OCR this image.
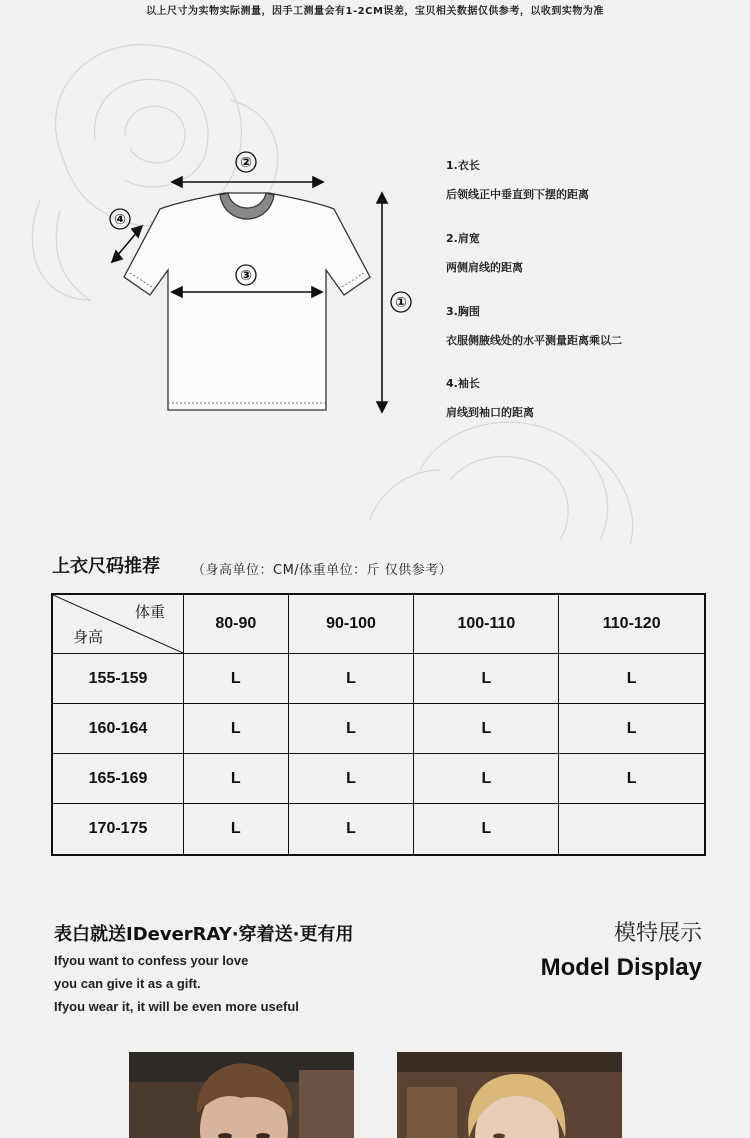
以上尺寸为实物实际测量，因手工测量会有1-2CM误差，宝贝相关数据仅供参考，以收到实物为准
②
③
①
④
1.衣长
后领线正中垂直到下摆的距离
2.肩宽
两侧肩线的距离
3.胸围
衣服侧腋线处的水平测量距离乘以二
4.袖长
肩线到袖口的距离
上衣尺码推荐 （身高单位：CM/体重单位：斤 仅供参考）
体重
身高	80-90	90-100	100-110	110-120
155-159	L	L	L	L
160-164	L	L	L	L
165-169	L	L	L	L
170-175	L	L	L	
表白就送IDeverRAY·穿着送·更有用
Ifyou want to confess your love
you can give it as a gift.
Ifyou wear it, it will be even more useful
模特展示
Model Display
